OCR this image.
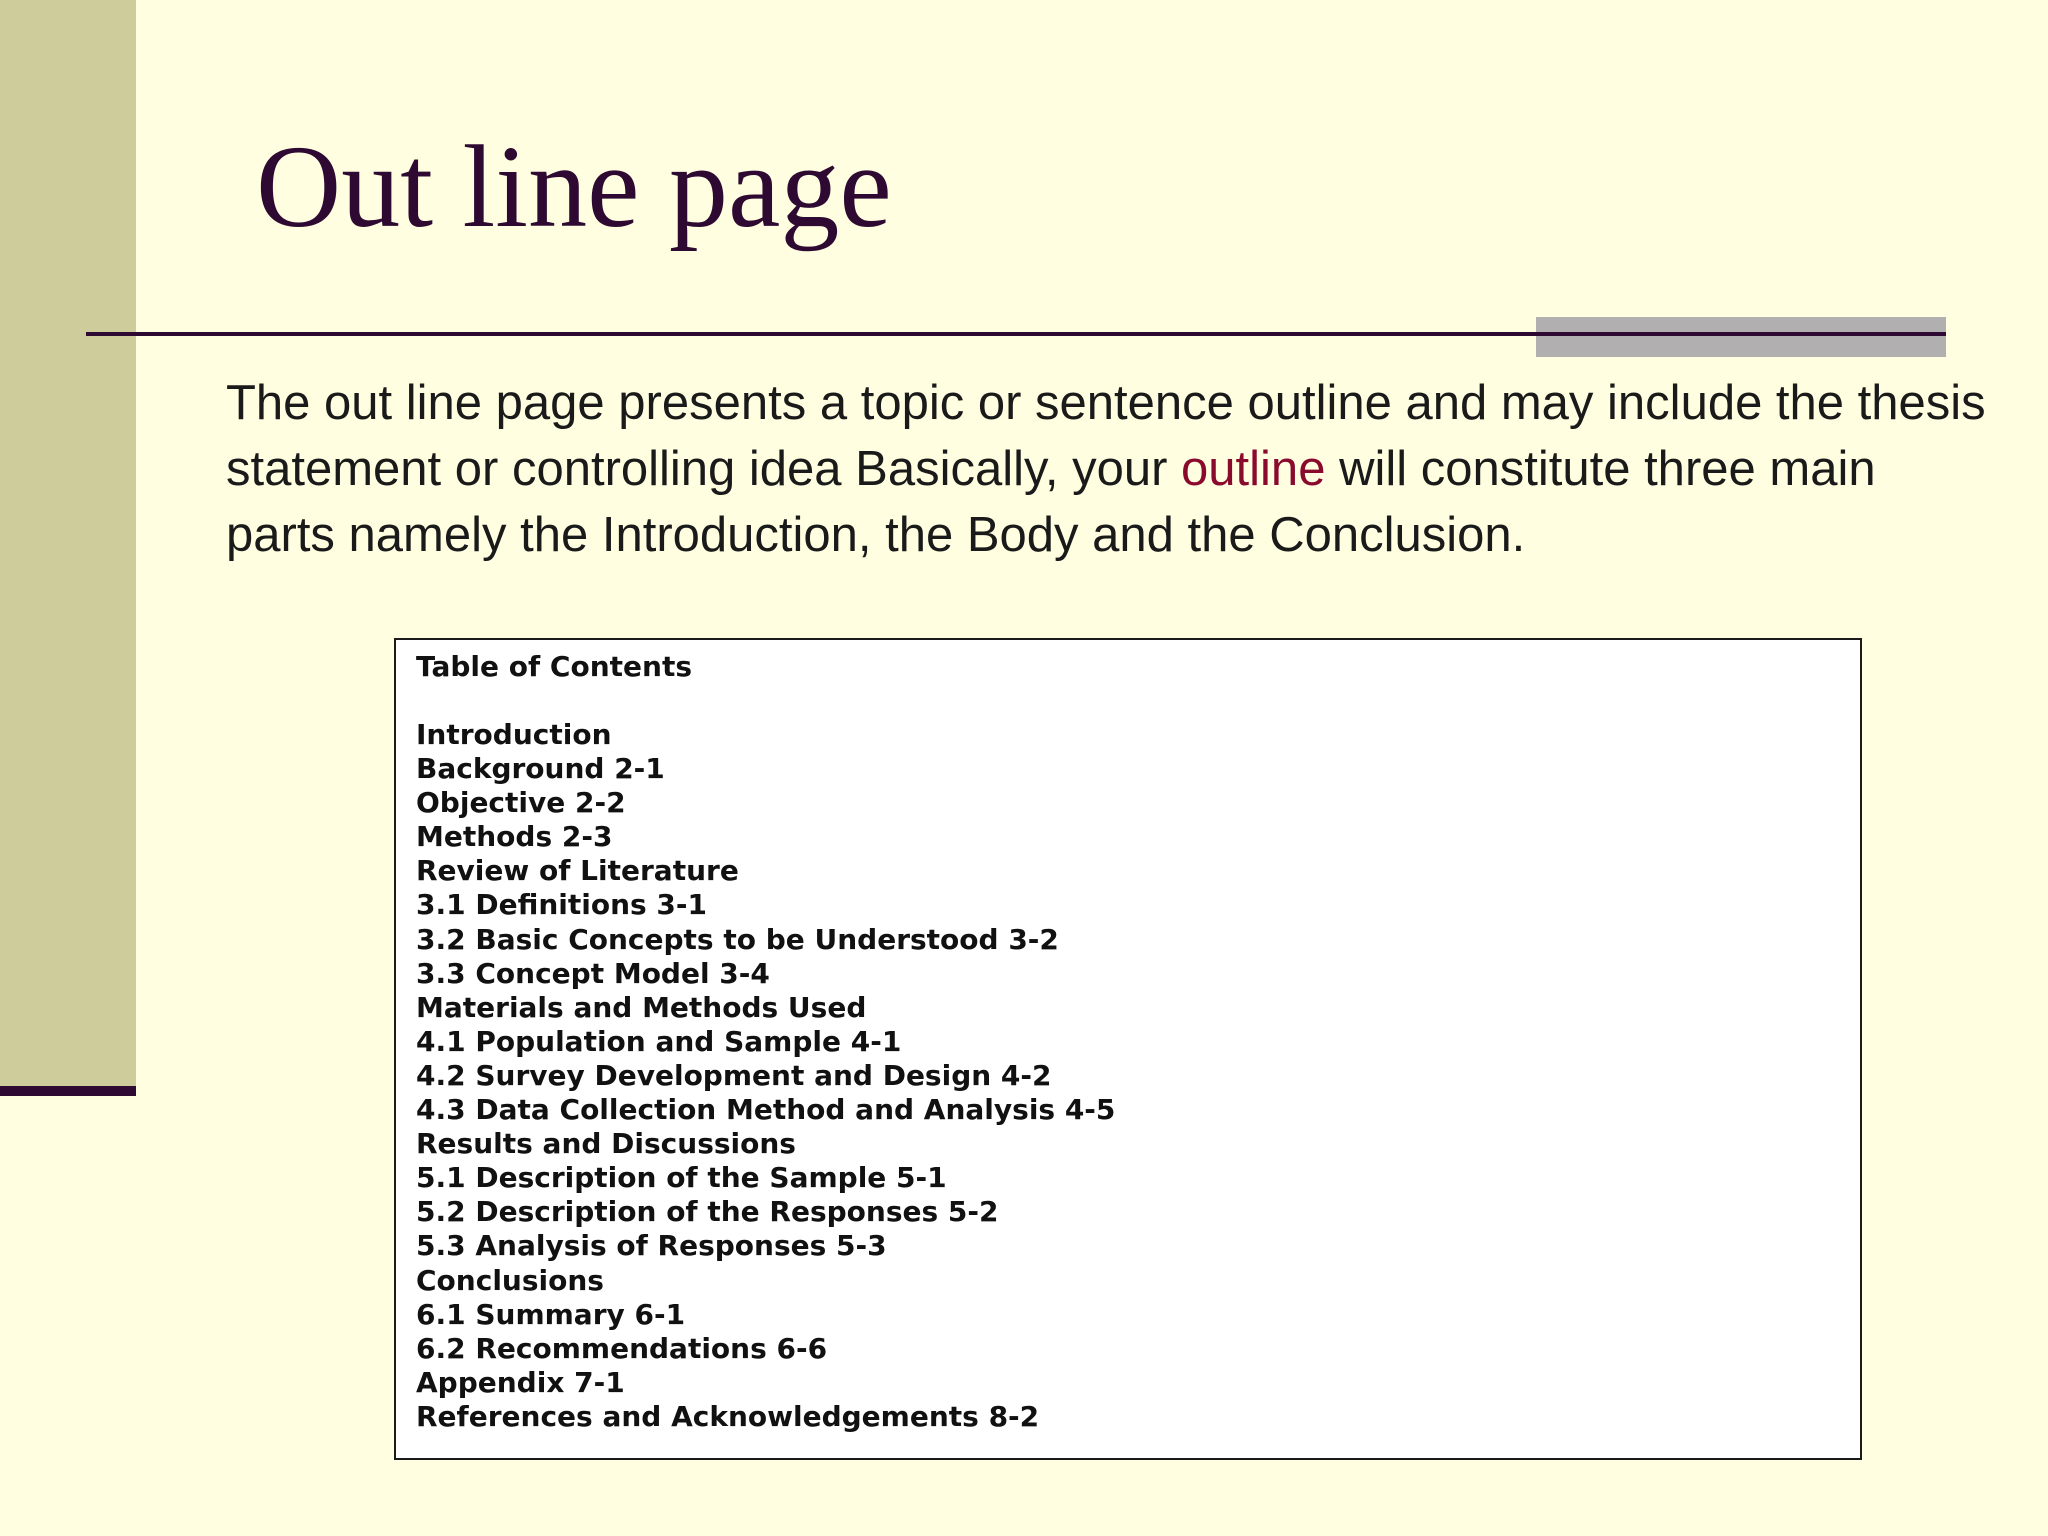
Out line page

The out line page presents a topic or sentence outline and may include the thesis statement or controlling idea Basically, your outline will constitute three main parts namely the Introduction, the Body and the Conclusion.

Table of Contents

Introduction
Background 2-1
Objective 2-2
Methods 2-3
Review of Literature
3.1 Definitions 3-1
3.2 Basic Concepts to be Understood 3-2
3.3 Concept Model 3-4
Materials and Methods Used
4.1 Population and Sample 4-1
4.2 Survey Development and Design 4-2
4.3 Data Collection Method and Analysis 4-5
Results and Discussions
5.1 Description of the Sample 5-1
5.2 Description of the Responses 5-2
5.3 Analysis of Responses 5-3
Conclusions
6.1 Summary 6-1
6.2 Recommendations 6-6
Appendix 7-1
References and Acknowledgements 8-2
